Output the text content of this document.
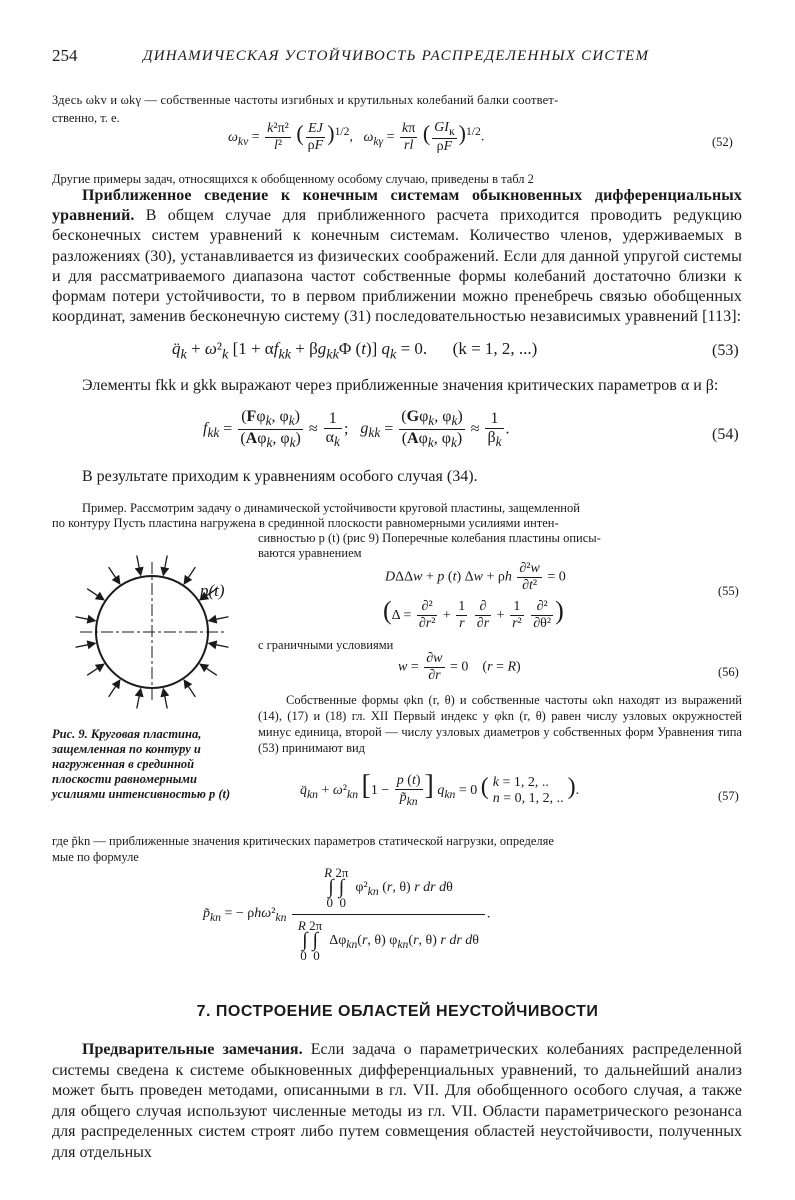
254	ДИНАМИЧЕСКАЯ УСТОЙЧИВОСТЬ РАСПРЕДЕЛЕННЫХ СИСТЕМ
Здесь ωkv и ωkγ — собственные частоты изгибных и крутильных колебаний балки соответ-
ственно, т. е.
$\omega_{kv} = \frac{\text{k²π²}}{\text{l²}}$ ( $\frac{EJ}{\rho F} )^{1/2}$,   $\omega_{k\gamma} = \frac{k\pi}{rl}$ ( $\frac{GI_к}{\rho F} )^{1/2}$.	(52)
Другие примеры задач, относящихся к обобщенному особому случаю, приведены в табл 2
Приближенное сведение к конечным системам обыкновенных дифференциальных уравнений. В общем случае для приближенного расчета приходится проводить редукцию бесконечных систем уравнений к конечным системам. Количество членов, удерживаемых в разложениях (30), устанавливается из физических соображений. Если для данной упругой системы и для рассматриваемого диапазона частот собственные формы колебаний достаточно близки к формам потери устойчивости, то в первом приближении можно пренебречь связью обобщенных координат, заменив бесконечную систему (31) последовательностью независимых уравнений [113]:
$q̈_k + \omega^2_k$ [$1 + \alpha f_{kk} + \beta g_{kk}\Phi$ (t)] $q_k = 0$.      (k = 1, 2, ...)	(53)
Элементы fkk и gkk выражают через приближенные значения критических параметров α и β:
$f_{kk} = \frac{(F\varphi_k, \varphi_k)}{(A\varphi_k, \varphi_k)} \approx \frac{1}{\alpha_k}$ ;   $g_{kk} = \frac{(G\varphi_k, \varphi_k)}{(A\varphi_k, \varphi_k)} \approx \frac{1}{\beta_k}$ .	(54)
В результате приходим к уравнениям особого случая (34).
Пример. Рассмотрим задачу о динамической устойчивости круговой пластины, защемленной
по контуру Пусть пластина нагружена в срединной плоскости равномерными усилиями интен-
сивностью p (t) (рис 9) Поперечные колебания пластины описы-
ваются уравнением
p(t)
Рис. 9. Круговая пластина, защемленная по контуру и нагруженная в срединной плоскости равномерными усилиями интенсивностью p (t)
DΔΔw + p (t) Δw + ρh $\frac{\text{∂²w}}{\text{∂t²}} = 0$
($\Delta = \frac{\text{∂²}}{\text{∂r²}} + \frac{1}{r}$
$\frac{\partial}{\partial r} + \frac{1}{\text{r²}}$
$\frac{\text{∂²}}{\text{∂θ²}}$ )
(55)
с граничными условиями
$w = \frac{\partial w}{\partial r} = 0$    (r = R)	(56)
Собственные формы φkn (r, θ) и собственные частоты ωkn находят из выражений (14), (17) и (18) гл. XII Первый индекс у φkn (r, θ) равен числу узловых окружностей минус единица, второй — числу узловых диаметров у собственных форм Уравнения типа (53) принимают вид
$q̈_{kn} + \omega^2_{kn}$ [$1 - \frac{p (t)}{p̃_{kn}}$ ] $q_{kn} = 0$ ( k = 1, 2, ..
n = 0, 1, 2, .. ).	(57)
где p̃kn — приближенные значения критических параметров статической нагрузки, определяе
мые по формуле
$p̃_{kn}$ = − $\rho h\omega^2_{kn}$
R 2π
∫ ∫
0  0  $\varphi^2_{kn}$ (r, θ) r dr dθ
R 2π
∫ ∫
0  0  $\Delta\varphi_{kn}(r$, θ) $\varphi_{kn}(r$, θ) r dr dθ
.
7. ПОСТРОЕНИЕ ОБЛАСТЕЙ НЕУСТОЙЧИВОСТИ
Предварительные замечания. Если задача о параметрических колебаниях распределенной системы сведена к системе обыкновенных дифференциальных уравнений, то дальнейший анализ может быть проведен методами, описанными в гл. VII. Для обобщенного особого случая, а также для общего случая используют численные методы из гл. VII. Области параметрического резонанса для распределенных систем строят либо путем совмещения областей неустойчивости, полученных для отдельных
